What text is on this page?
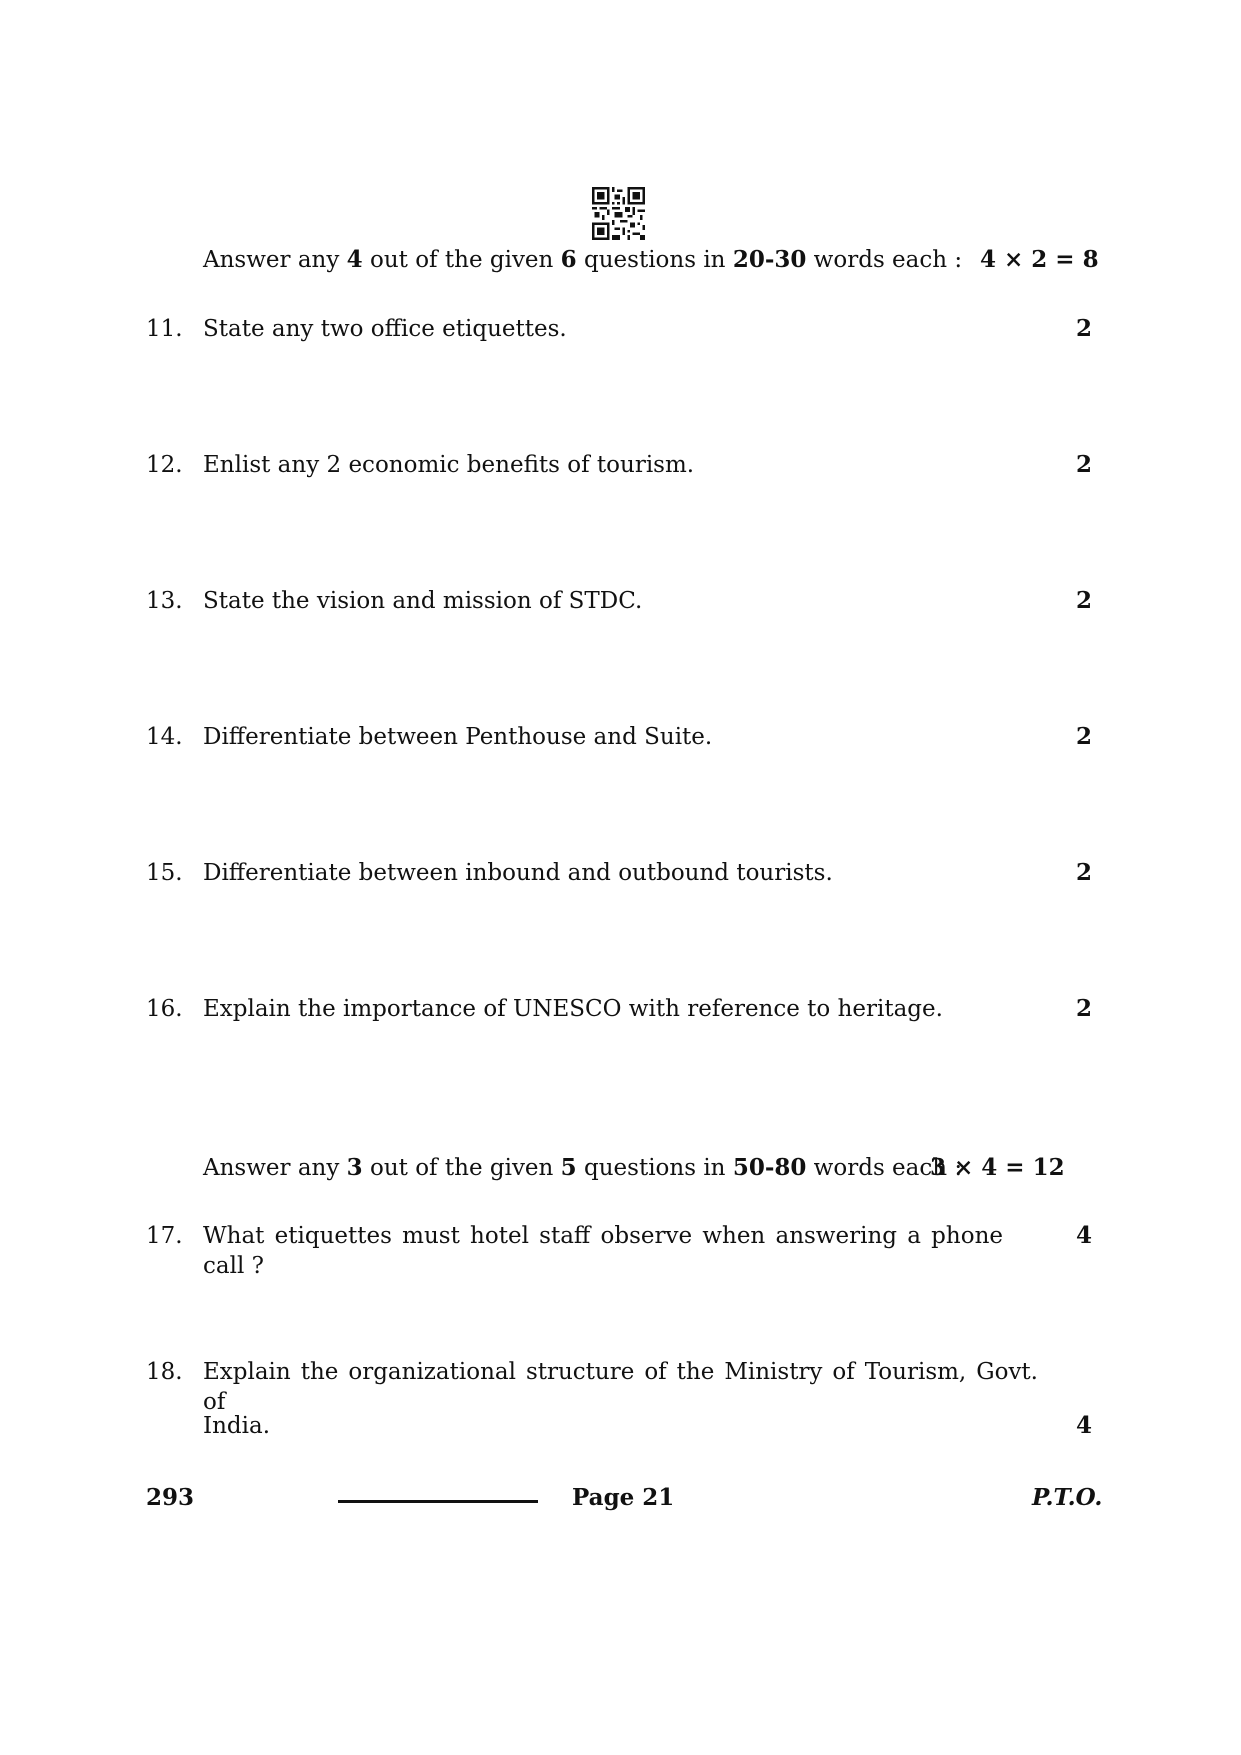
Answer any 4 out of the given 6 questions in 20-30 words each : 4 × 2 = 8
11. State any two office etiquettes.	2
12. Enlist any 2 economic benefits of tourism.	2
13. State the vision and mission of STDC.	2
14. Differentiate between Penthouse and Suite.	2
15. Differentiate between inbound and outbound tourists.	2
16. Explain the importance of UNESCO with reference to heritage.	2
Answer any 3 out of the given 5 questions in 50-80 words each :
3 × 4 = 12
17. What etiquettes must hotel staff observe when answering a phone call ?
4
18. Explain the organizational structure of the Ministry of Tourism, Govt. of
India.	4
293	Page 21	P.T.O.
